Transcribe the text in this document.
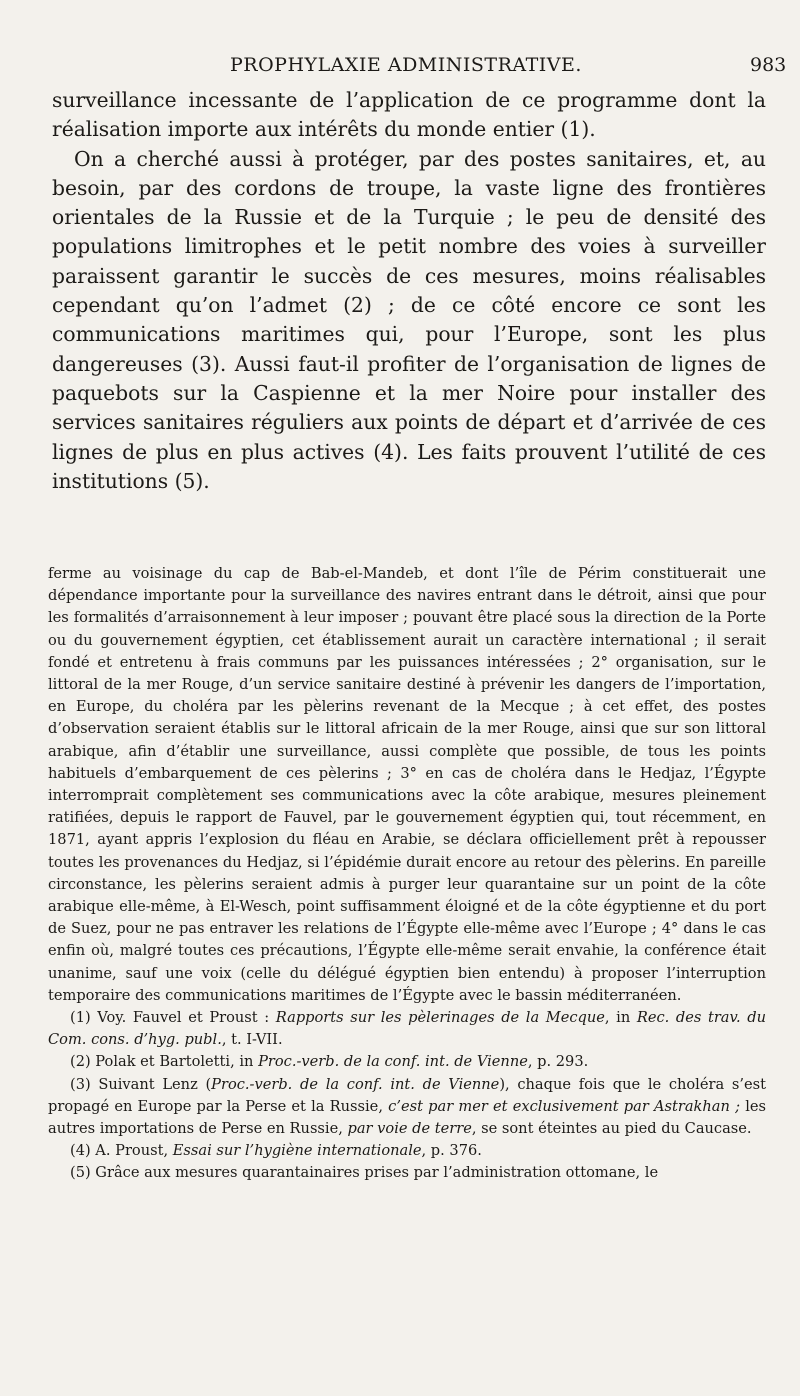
PROPHYLAXIE ADMINISTRATIVE.	983

surveillance incessante de l’application de ce programme dont la réalisation importe aux intérêts du monde entier (1).

On a cherché aussi à protéger, par des postes sanitaires, et, au besoin, par des cordons de troupe, la vaste ligne des frontières orientales de la Russie et de la Turquie ; le peu de densité des populations limitrophes et le petit nombre des voies à surveiller paraissent garantir le succès de ces mesures, moins réalisables cependant qu’on l’admet (2) ; de ce côté encore ce sont les communications maritimes qui, pour l’Europe, sont les plus dangereuses (3). Aussi faut-il profiter de l’organisation de lignes de paquebots sur la Caspienne et la mer Noire pour installer des services sanitaires réguliers aux points de départ et d’arrivée de ces lignes de plus en plus actives (4). Les faits prouvent l’utilité de ces institutions (5).

ferme au voisinage du cap de Bab-el-Mandeb, et dont l’île de Périm constituerait une dépendance importante pour la surveillance des navires entrant dans le détroit, ainsi que pour les formalités d’arraisonnement à leur imposer ; pouvant être placé sous la direction de la Porte ou du gouvernement égyptien, cet établissement aurait un caractère international ; il serait fondé et entretenu à frais communs par les puissances intéressées ; 2° organisation, sur le littoral de la mer Rouge, d’un service sanitaire destiné à prévenir les dangers de l’importation, en Europe, du choléra par les pèlerins revenant de la Mecque ; à cet effet, des postes d’observation seraient établis sur le littoral africain de la mer Rouge, ainsi que sur son littoral arabique, afin d’établir une surveillance, aussi complète que possible, de tous les points habituels d’embarquement de ces pèlerins ; 3° en cas de choléra dans le Hedjaz, l’Égypte interromprait complètement ses communications avec la côte arabique, mesures pleinement ratifiées, depuis le rapport de Fauvel, par le gouvernement égyptien qui, tout récemment, en 1871, ayant appris l’explosion du fléau en Arabie, se déclara officiellement prêt à repousser toutes les provenances du Hedjaz, si l’épidémie durait encore au retour des pèlerins. En pareille circonstance, les pèlerins seraient admis à purger leur quarantaine sur un point de la côte arabique elle-même, à El-Wesch, point suffisamment éloigné et de la côte égyptienne et du port de Suez, pour ne pas entraver les relations de l’Égypte elle-même avec l’Europe ; 4° dans le cas enfin où, malgré toutes ces précautions, l’Égypte elle-même serait envahie, la conférence était unanime, sauf une voix (celle du délégué égyptien bien entendu) à proposer l’interruption temporaire des communications maritimes de l’Égypte avec le bassin méditerranéen.

(1) Voy. Fauvel et Proust : Rapports sur les pèlerinages de la Mecque, in Rec. des trav. du Com. cons. d’hyg. publ., t. I-VII.

(2) Polak et Bartoletti, in Proc.-verb. de la conf. int. de Vienne, p. 293.

(3) Suivant Lenz (Proc.-verb. de la conf. int. de Vienne), chaque fois que le choléra s’est propagé en Europe par la Perse et la Russie, c’est par mer et exclusivement par Astrakhan ; les autres importations de Perse en Russie, par voie de terre, se sont éteintes au pied du Caucase.

(4) A. Proust, Essai sur l’hygiène internationale, p. 376.

(5) Grâce aux mesures quarantainaires prises par l’administration ottomane, le
